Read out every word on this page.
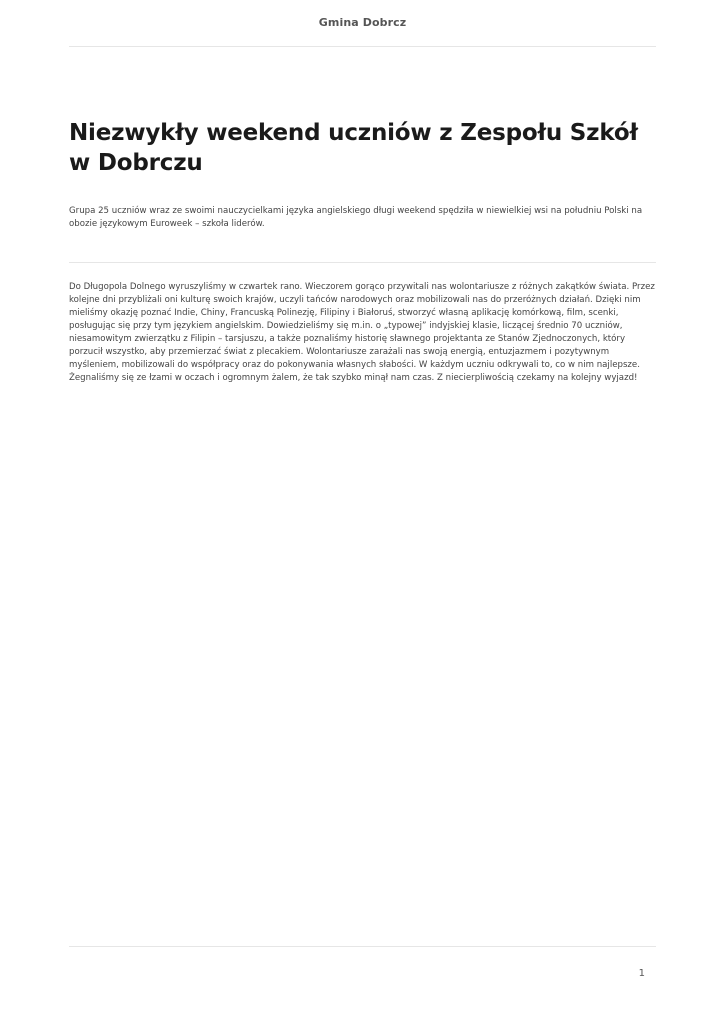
Gmina Dobrcz
Niezwykły weekend uczniów z Zespołu Szkół w Dobrczu

Grupa 25 uczniów wraz ze swoimi nauczycielkami języka angielskiego długi weekend spędziła w niewielkiej wsi na południu Polski na obozie językowym Euroweek – szkoła liderów.

Do Długopola Dolnego wyruszyliśmy w czwartek rano. Wieczorem gorąco przywitali nas wolontariusze z różnych zakątków świata. Przez kolejne dni przybliżali oni kulturę swoich krajów, uczyli tańców narodowych oraz mobilizowali nas do przeróżnych działań. Dzięki nim mieliśmy okazję poznać Indie, Chiny, Francuską Polinezję, Filipiny i Białoruś, stworzyć własną aplikację komórkową, film, scenki, posługując się przy tym językiem angielskim. Dowiedzieliśmy się m.in. o „typowej” indyjskiej klasie, liczącej średnio 70 uczniów, niesamowitym zwierzątku z Filipin – tarsjuszu, a także poznaliśmy historię sławnego projektanta ze Stanów Zjednoczonych, który porzucił wszystko, aby przemierzać świat z plecakiem. Wolontariusze zarażali nas swoją energią, entuzjazmem i pozytywnym myśleniem, mobilizowali do współpracy oraz do pokonywania własnych słabości. W każdym uczniu odkrywali to, co w nim najlepsze. Żegnaliśmy się ze łzami w oczach i ogromnym żalem, że tak szybko minął nam czas. Z niecierpliwością czekamy na kolejny wyjazd!

1
